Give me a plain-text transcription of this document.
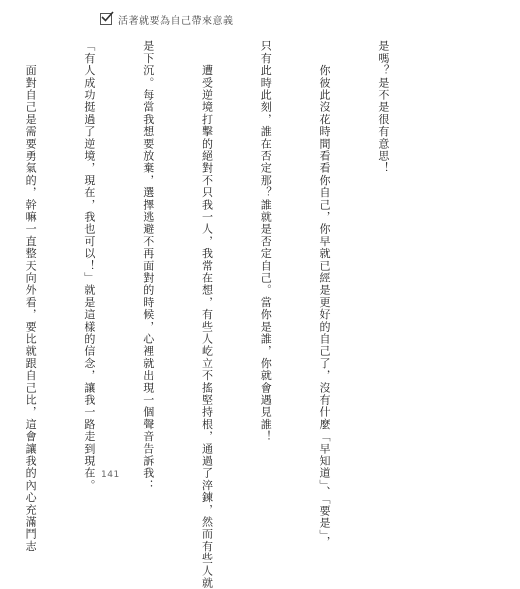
活著就要為自己帶來意義

是嗎？是不是很有意思！

　　你彼此沒花時間看看你自己，你早就已經是更好的自己了，沒有什麼「早知道」、「要是」，

只有此時此刻，誰在否定那？誰就是否定自己。當你是誰，你就會遇見誰！

　　遭受逆境打擊的絕對不只我一人，我常在想，有些人屹立不搖堅持根，通過了淬鍊，然而有些人就

是下沉。每當我想要放棄，選擇逃避不再面對的時候，心裡就出現一個聲音告訴我：

「有人成功挺過了逆境，現在，我也可以！」就是這樣的信念，讓我一路走到現在。

　　面對自己是需要勇氣的，幹嘛一直整天向外看，要比就跟自己比，這會讓我的內心充滿鬥志

	141
